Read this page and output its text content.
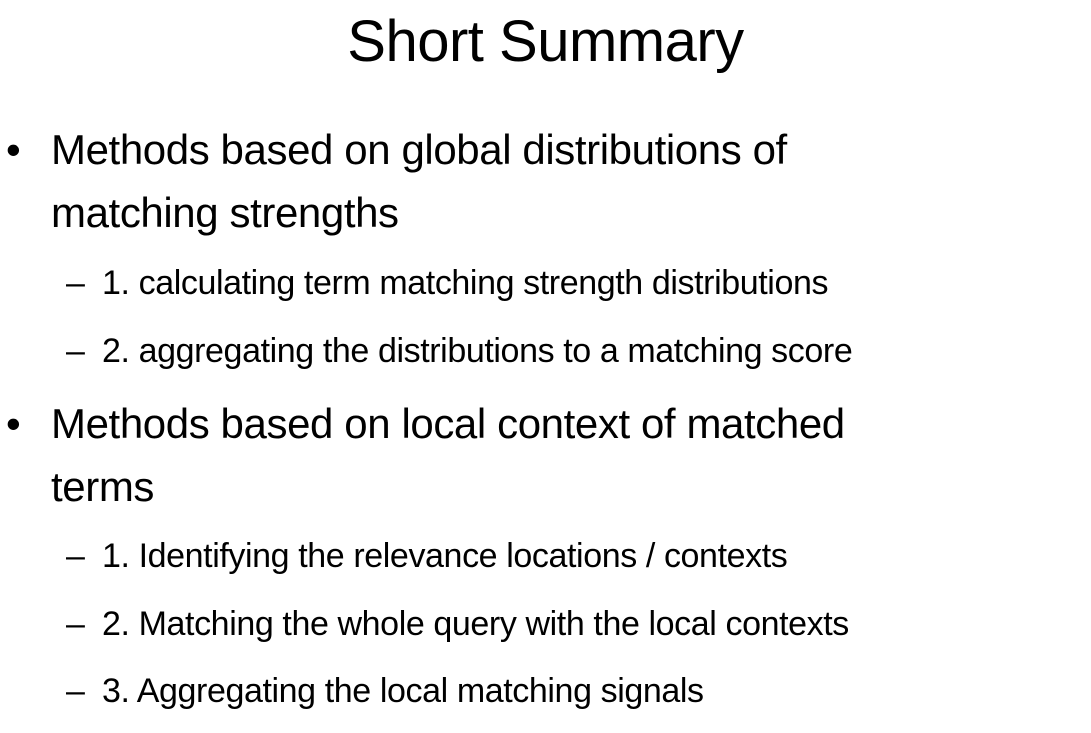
Short Summary
• Methods based on global distributions of
matching strengths
– 1. calculating term matching strength distributions
– 2. aggregating the distributions to a matching score
• Methods based on local context of matched
terms
– 1. Identifying the relevance locations / contexts
– 2. Matching the whole query with the local contexts
– 3. Aggregating the local matching signals
